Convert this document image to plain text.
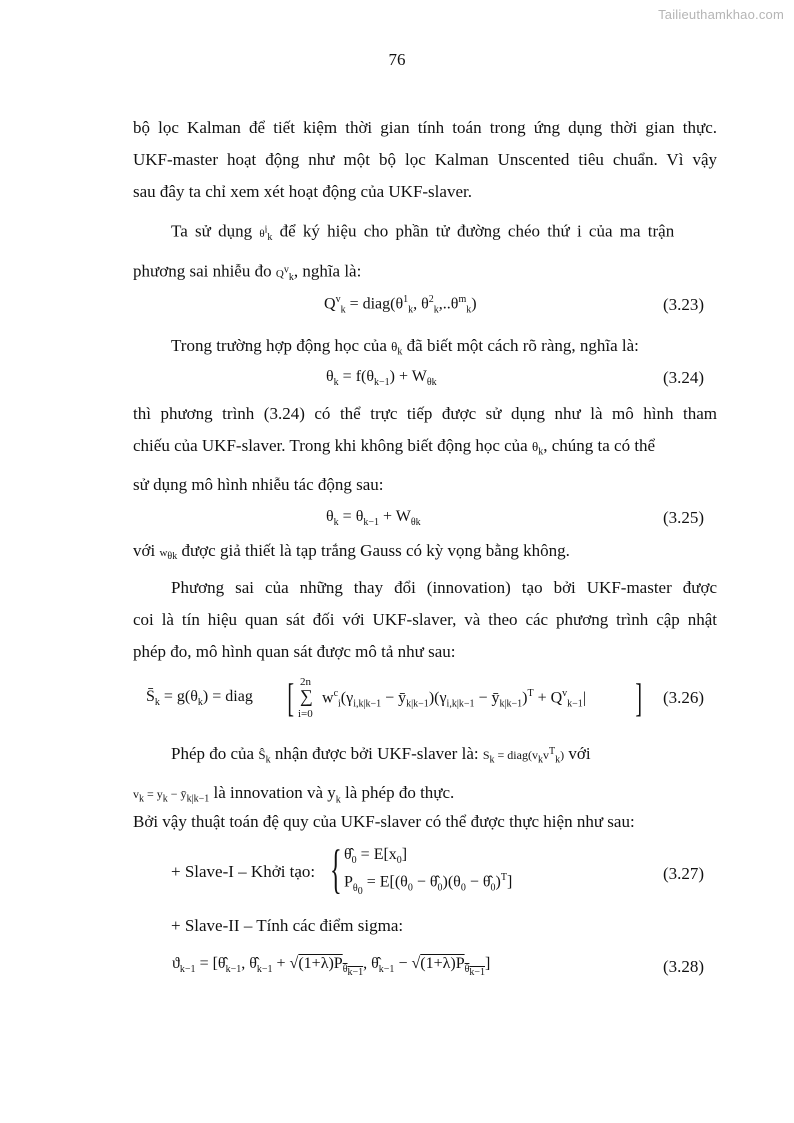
Tailieuthamkhao.com
76
bộ lọc Kalman để tiết kiệm thời gian tính toán trong ứng dụng thời gian thực.
UKF-master hoạt động như một bộ lọc Kalman Unscented tiêu chuẩn. Vì vậy
sau đây ta chỉ xem xét hoạt động của UKF-slaver.
Ta sử dụng $\theta^i_k$ để ký hiệu cho phần tử đường chéo thứ i của ma trận
phương sai nhiễu đo $Q^v_k$, nghĩa là:
$Q^v_k$ = $diag(\theta^1_k$, $\theta^2_k,..\theta^m_k$)	(3.23)
Trong trường hợp động học của $\theta_k$ đã biết một cách rõ ràng, nghĩa là:
$\theta_k = f(\theta_{k-1}) + W_{\theta k}$	(3.24)
thì phương trình (3.24) có thể trực tiếp được sử dụng như là mô hình tham
chiếu của UKF-slaver. Trong khi không biết động học của $\theta_k$, chúng ta có thể
sử dụng mô hình nhiễu tác động sau:
$\theta_k = \theta_{k-1} + W_{\theta k}$	(3.25)
với $w_{\theta k}$ được giả thiết là tạp trắng Gauss có kỳ vọng bằng không.
Phương sai của những thay đổi (innovation) tạo bởi UKF-master được
coi là tín hiệu quan sát đối với UKF-slaver, và theo các phương trình cập nhật
phép đo, mô hình quan sát được mô tả như sau:
$S̄_k = g(\theta_k)$ = diag [ 2n
∑
i=0
$w^c_i(\gamma_{i,k|k-1}$ − $ȳ_{k|k-1})(\gamma_{i,k|k-1}$ − $ȳ_{k|k-1})^T + Q^v_{k-1}|$ ] (3.26)
Phép đo của $Ŝ_k$ nhận được bởi UKF-slaver là: $S_k$ = $diag(v_kv^T_k)$ với
$v_k = y_k$ − $ȳ_{k|k-1}$ là innovation và $y_k$ là phép đo thực.
Bởi vậy thuật toán đệ quy của UKF-slaver có thể được thực hiện như sau:
+ Slave-I – Khởi tạo: { $\thetâ_0 = E[x_0]$
$P_{\theta_0} = E[(\theta_0$ − $\thetâ_0)(\theta_0$ − $\thetâ_0)^T$]	(3.27)
+ Slave-II – Tính các điểm sigma:
$ϑ_{k-1}$ = [$\thetâ_{k-1}$, $\thetâ_{k-1} + √(1+\lambda)P_{\theta_{k-1}}$, $\thetâ_{k-1} - √(1+\lambda)P_{\theta_{k-1}}$]	(3.28)
